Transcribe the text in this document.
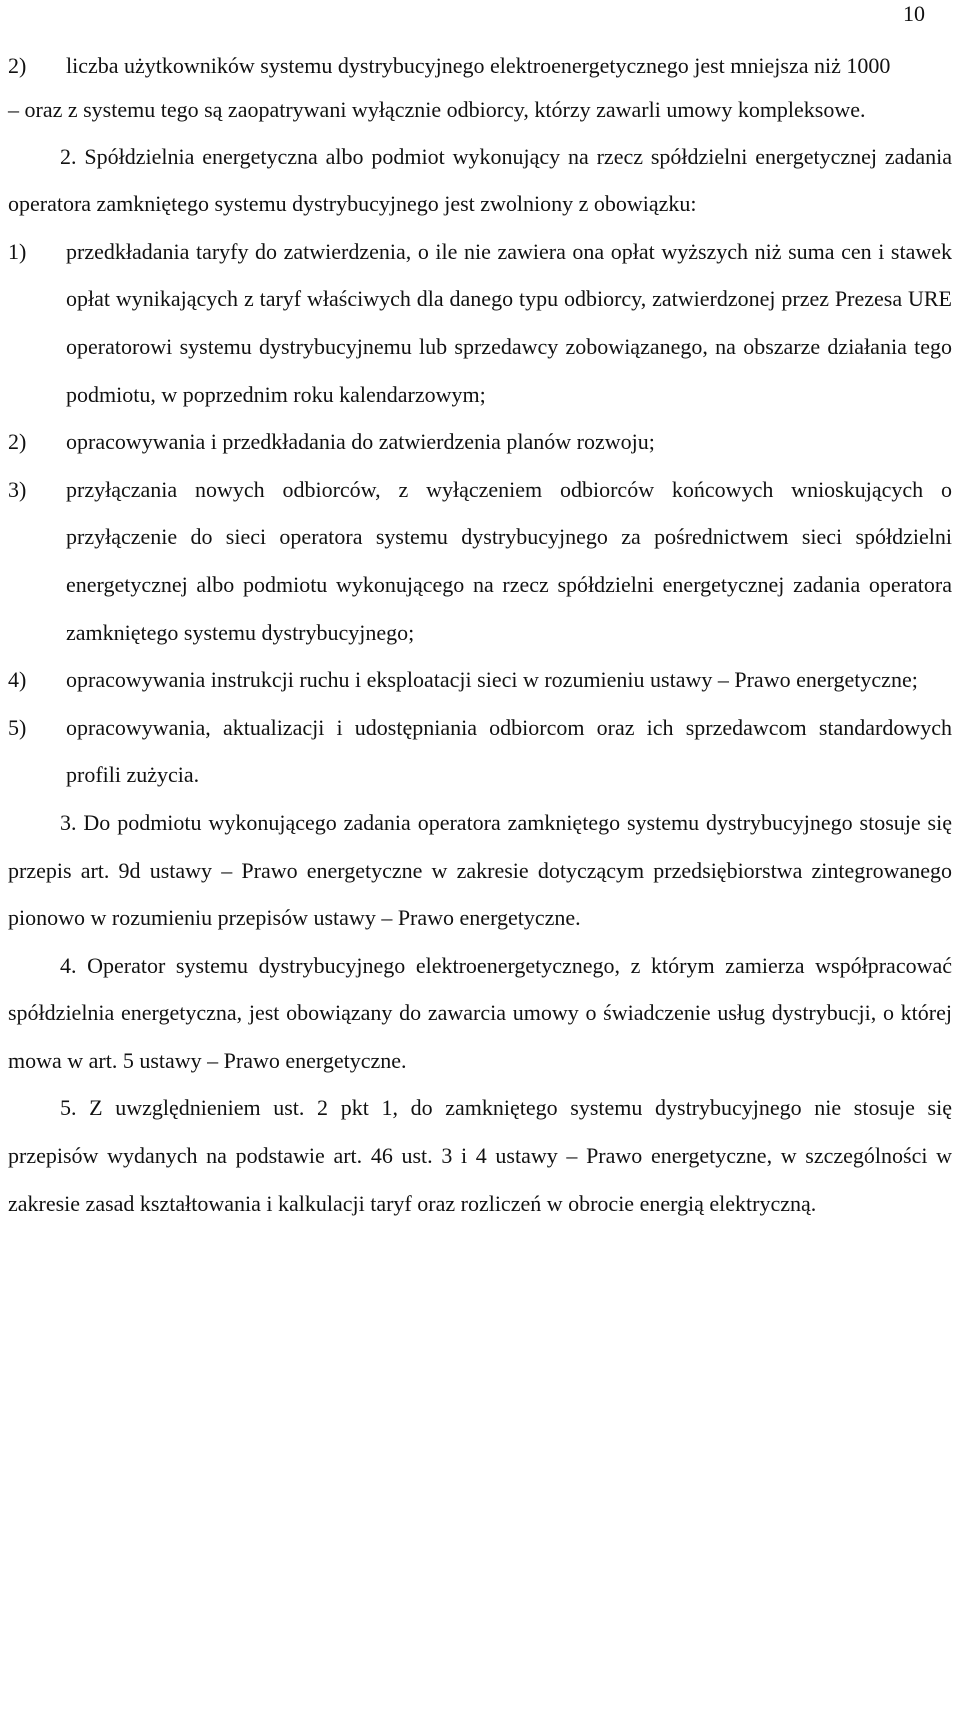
10
2)	liczba użytkowników systemu dystrybucyjnego elektroenergetycznego jest mniejsza niż 1000

– oraz z systemu tego są zaopatrywani wyłącznie odbiorcy, którzy zawarli umowy kompleksowe.

2. Spółdzielnia energetyczna albo podmiot wykonujący na rzecz spółdzielni energetycznej zadania operatora zamkniętego systemu dystrybucyjnego jest zwolniony z obowiązku:

1)	przedkładania taryfy do zatwierdzenia, o ile nie zawiera ona opłat wyższych niż suma cen i stawek opłat wynikających z taryf właściwych dla danego typu odbiorcy, zatwierdzonej przez Prezesa URE operatorowi systemu dystrybucyjnemu lub sprzedawcy zobowiązanego, na obszarze działania tego podmiotu, w poprzednim roku kalendarzowym;
2)	opracowywania i przedkładania do zatwierdzenia planów rozwoju;
3)	przyłączania nowych odbiorców, z wyłączeniem odbiorców końcowych wnioskujących o przyłączenie do sieci operatora systemu dystrybucyjnego za pośrednictwem sieci spółdzielni energetycznej albo podmiotu wykonującego na rzecz spółdzielni energetycznej zadania operatora zamkniętego systemu dystrybucyjnego;
4)	opracowywania instrukcji ruchu i eksploatacji sieci w rozumieniu ustawy – Prawo energetyczne;
5)	opracowywania, aktualizacji i udostępniania odbiorcom oraz ich sprzedawcom standardowych profili zużycia.

3. Do podmiotu wykonującego zadania operatora zamkniętego systemu dystrybucyjnego stosuje się przepis art. 9d ustawy – Prawo energetyczne w zakresie dotyczącym przedsiębiorstwa zintegrowanego pionowo w rozumieniu przepisów ustawy – Prawo energetyczne.

4. Operator systemu dystrybucyjnego elektroenergetycznego, z którym zamierza współpracować spółdzielnia energetyczna, jest obowiązany do zawarcia umowy o świadczenie usług dystrybucji, o której mowa w art. 5 ustawy – Prawo energetyczne.

5. Z uwzględnieniem ust. 2 pkt 1, do zamkniętego systemu dystrybucyjnego nie stosuje się przepisów wydanych na podstawie art. 46 ust. 3 i 4 ustawy – Prawo energetyczne, w szczególności w zakresie zasad kształtowania i kalkulacji taryf oraz rozliczeń w obrocie energią elektryczną.
